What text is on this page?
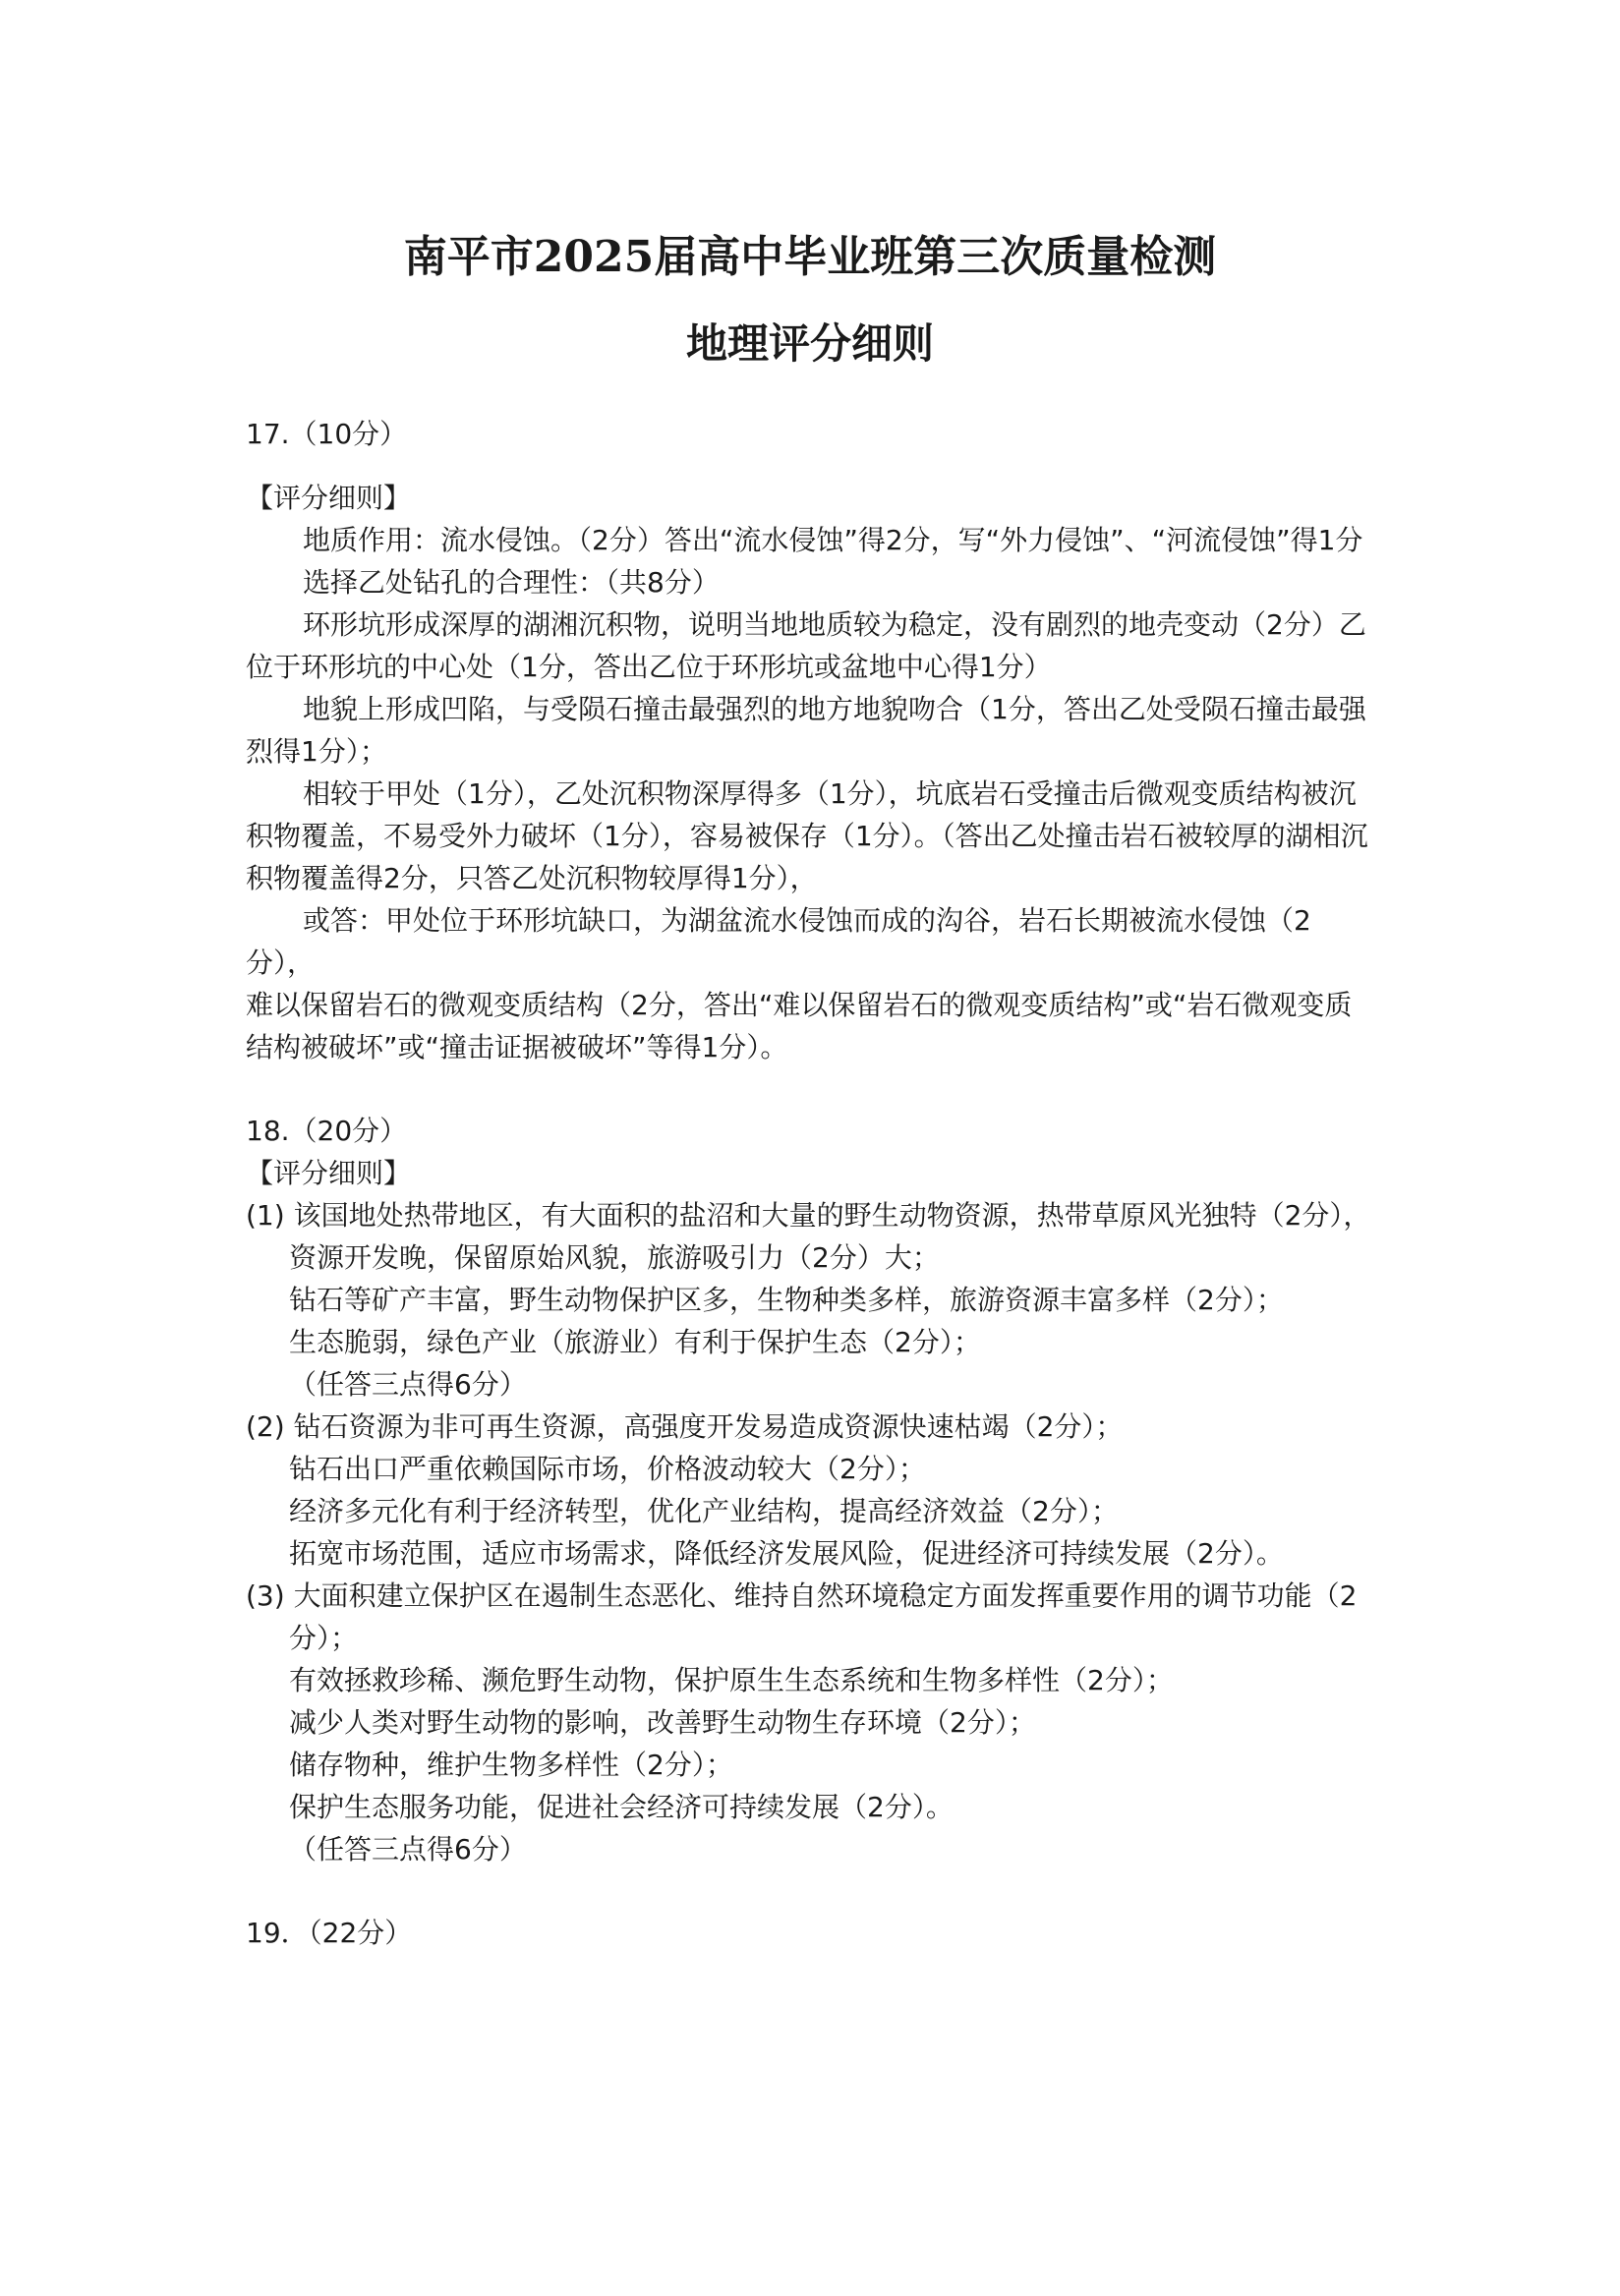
南平市2025届高中毕业班第三次质量检测
地理评分细则
17.（10分）
【评分细则】
地质作用：流水侵蚀。（2分）答出“流水侵蚀”得2分，写“外力侵蚀”、“河流侵蚀”得1分
选择乙处钻孔的合理性：（共8分）
环形坑形成深厚的湖湘沉积物，说明当地地质较为稳定，没有剧烈的地壳变动（2分）乙位于环形坑的中心处（1分，答出乙位于环形坑或盆地中心得1分）
地貌上形成凹陷，与受陨石撞击最强烈的地方地貌吻合（1分，答出乙处受陨石撞击最强烈得1分）；
相较于甲处（1分），乙处沉积物深厚得多（1分），坑底岩石受撞击后微观变质结构被沉积物覆盖，不易受外力破坏（1分），容易被保存（1分）。（答出乙处撞击岩石被较厚的湖相沉积物覆盖得2分，只答乙处沉积物较厚得1分），
或答：甲处位于环形坑缺口，为湖盆流水侵蚀而成的沟谷，岩石长期被流水侵蚀（2分），
难以保留岩石的微观变质结构（2分，答出“难以保留岩石的微观变质结构”或“岩石微观变质结构被破坏”或“撞击证据被破坏”等得1分）。
18.（20分）
【评分细则】
(1) 该国地处热带地区，有大面积的盐沼和大量的野生动物资源，热带草原风光独特（2分），资源开发晚，保留原始风貌，旅游吸引力（2分）大；
钻石等矿产丰富，野生动物保护区多，生物种类多样，旅游资源丰富多样（2分）；
生态脆弱，绿色产业（旅游业）有利于保护生态（2分）；
（任答三点得6分）
(2) 钻石资源为非可再生资源，高强度开发易造成资源快速枯竭（2分）；
钻石出口严重依赖国际市场，价格波动较大（2分）；
经济多元化有利于经济转型，优化产业结构，提高经济效益（2分）；
拓宽市场范围，适应市场需求，降低经济发展风险，促进经济可持续发展（2分）。
(3) 大面积建立保护区在遏制生态恶化、维持自然环境稳定方面发挥重要作用的调节功能（2分）；
有效拯救珍稀、濒危野生动物，保护原生生态系统和生物多样性（2分）；
减少人类对野生动物的影响，改善野生动物生存环境（2分）；
储存物种，维护生物多样性（2分）；
保护生态服务功能，促进社会经济可持续发展（2分）。
（任答三点得6分）
19．（22分）
